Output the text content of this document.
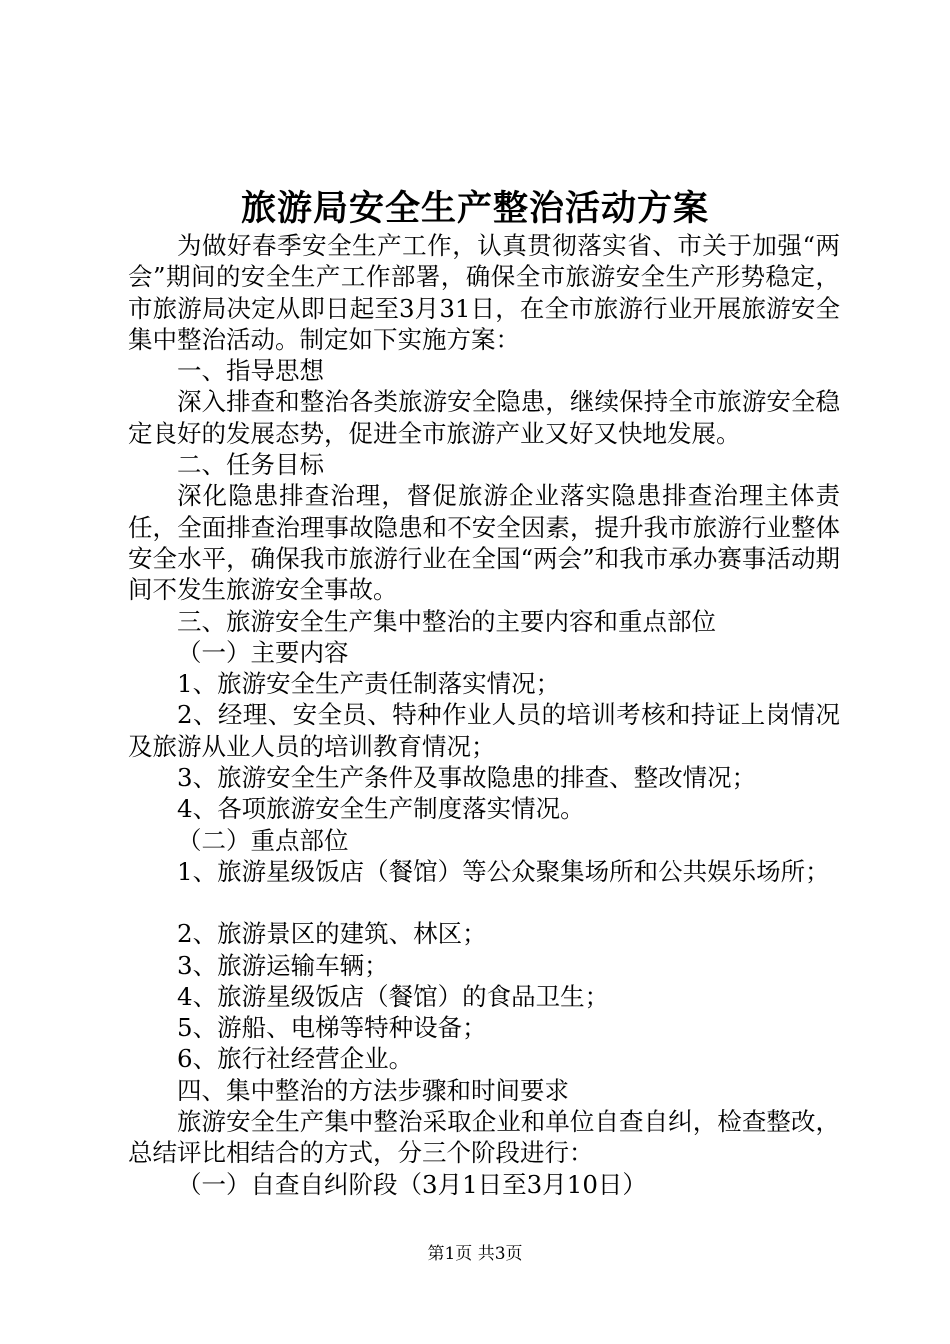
旅游局安全生产整治活动方案

为做好春季安全生产工作，认真贯彻落实省、市关于加强“两会”期间的安全生产工作部署，确保全市旅游安全生产形势稳定，市旅游局决定从即日起至3月31日，在全市旅游行业开展旅游安全集中整治活动。制定如下实施方案：

一、指导思想

深入排查和整治各类旅游安全隐患，继续保持全市旅游安全稳定良好的发展态势，促进全市旅游产业又好又快地发展。

二、任务目标

深化隐患排查治理，督促旅游企业落实隐患排查治理主体责任，全面排查治理事故隐患和不安全因素，提升我市旅游行业整体安全水平，确保我市旅游行业在全国“两会”和我市承办赛事活动期间不发生旅游安全事故。

三、旅游安全生产集中整治的主要内容和重点部位

（一）主要内容

1、旅游安全生产责任制落实情况；

2、经理、安全员、特种作业人员的培训考核和持证上岗情况及旅游从业人员的培训教育情况；

3、旅游安全生产条件及事故隐患的排查、整改情况；

4、各项旅游安全生产制度落实情况。

（二）重点部位

1、旅游星级饭店（餐馆）等公众聚集场所和公共娱乐场所；

2、旅游景区的建筑、林区；

3、旅游运输车辆；

4、旅游星级饭店（餐馆）的食品卫生；

5、游船、电梯等特种设备；

6、旅行社经营企业。

四、集中整治的方法步骤和时间要求

旅游安全生产集中整治采取企业和单位自查自纠，检查整改，总结评比相结合的方式，分三个阶段进行：

（一）自查自纠阶段（3月1日至3月10日）

第1页 共3页
